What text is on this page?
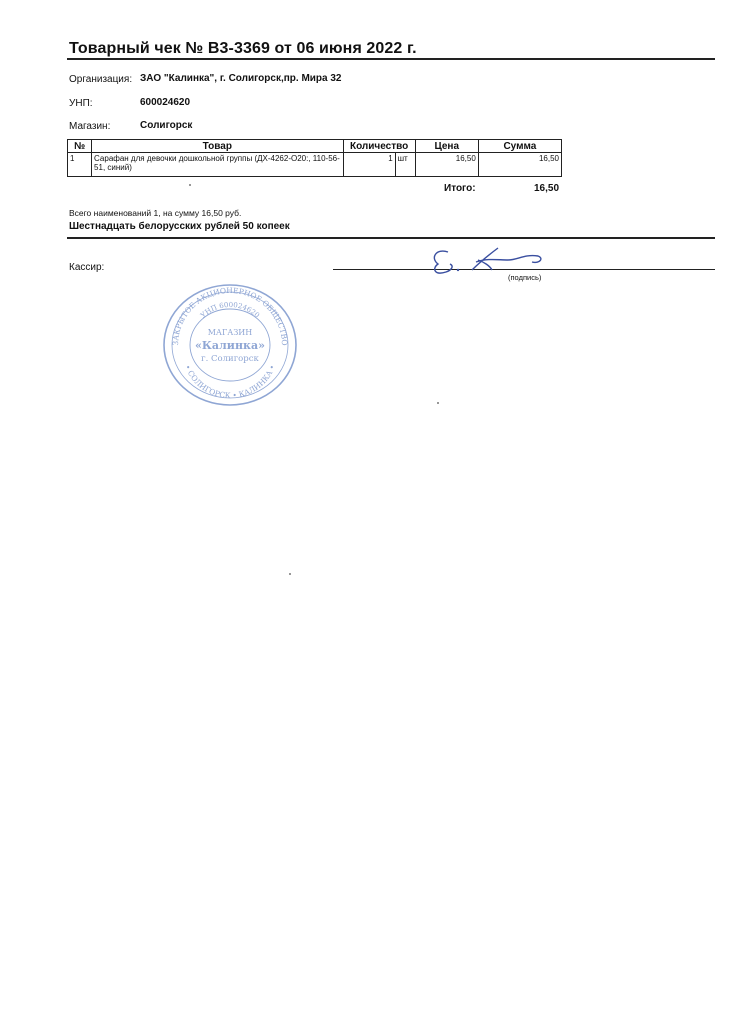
Товарный чек № В3-3369 от 06 июня 2022 г.
Организация: ЗАО "Калинка", г. Солигорск,пр. Мира 32
УНП:	600024620
Магазин:	Солигорск
№	Товар	Количество		Цена	Сумма
1	Сарафан для девочки дошкольной группы (ДХ-4262-О20:, 110-56-51, синий)	1	шт	16,50	16,50
Итого:	16,50
Всего наименований 1, на сумму 16,50 руб.
Шестнадцать белорусских рублей 50 копеек
Кассир:
(подпись)
ЗАКРЫТОЕ АКЦИОНЕРНОЕ ОБЩЕСТВО
УНП 600024620
• СОЛИГОРСК • КАЛИНКА •
МАГАЗИН
«Калинка»
г. Солигорск
